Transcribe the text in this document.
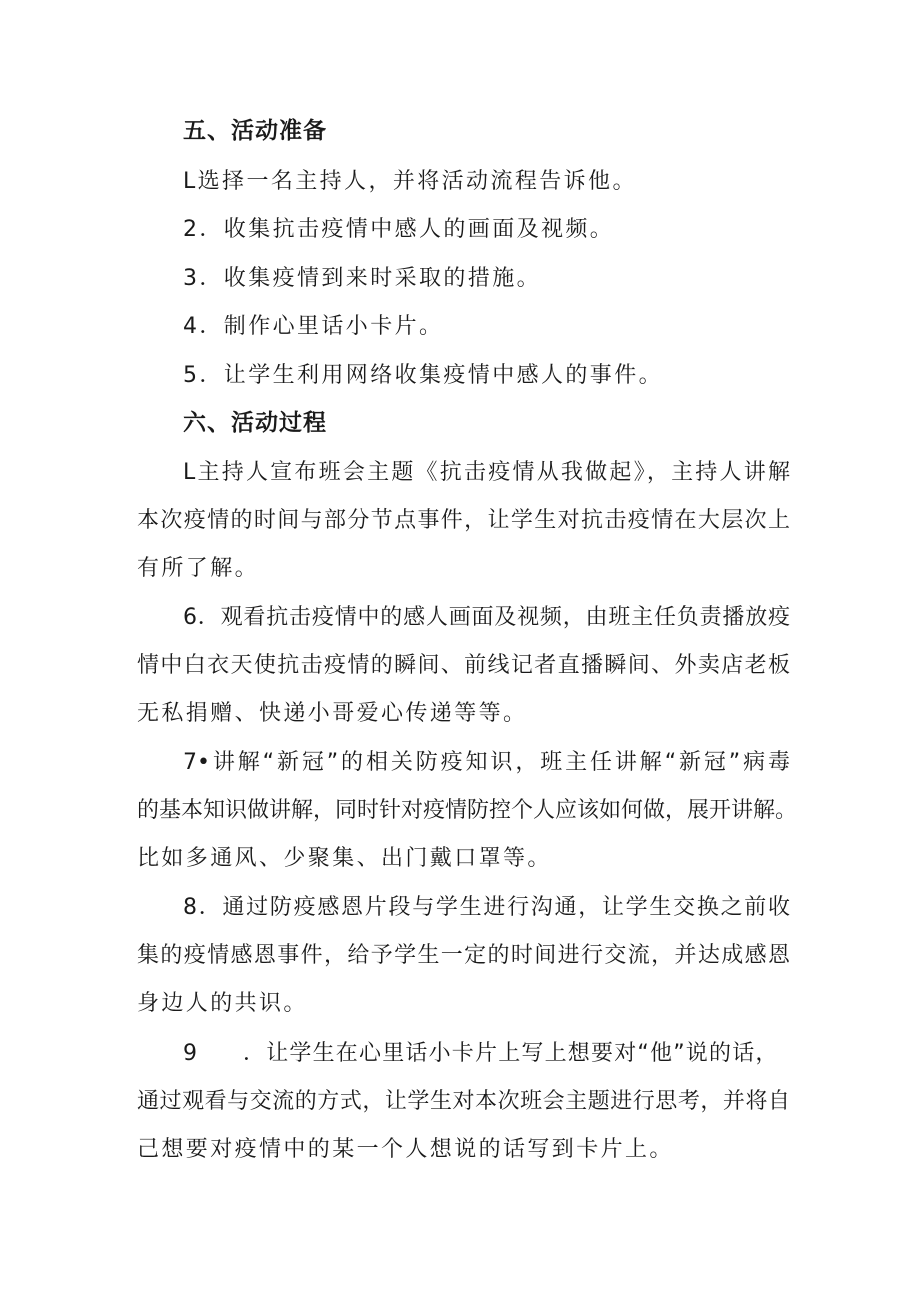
五、活动准备
L选择一名主持人，并将活动流程告诉他。
2．收集抗击疫情中感人的画面及视频。
3．收集疫情到来时采取的措施。
4．制作心里话小卡片。
5．让学生利用网络收集疫情中感人的事件。
六、活动过程
L主持人宣布班会主题《抗击疫情从我做起》，主持人讲解
本次疫情的时间与部分节点事件，让学生对抗击疫情在大层次上
有所了解。
6．观看抗击疫情中的感人画面及视频，由班主任负责播放疫
情中白衣天使抗击疫情的瞬间、前线记者直播瞬间、外卖店老板
无私捐赠、快递小哥爱心传递等等。
7•讲解“新冠”的相关防疫知识，班主任讲解“新冠”病毒
的基本知识做讲解，同时针对疫情防控个人应该如何做，展开讲解。
比如多通风、少聚集、出门戴口罩等。
8．通过防疫感恩片段与学生进行沟通，让学生交换之前收
集的疫情感恩事件，给予学生一定的时间进行交流，并达成感恩
身边人的共识。
9 ．让学生在心里话小卡片上写上想要对“他”说的话，
通过观看与交流的方式，让学生对本次班会主题进行思考，并将自
己想要对疫情中的某一个人想说的话写到卡片上。
